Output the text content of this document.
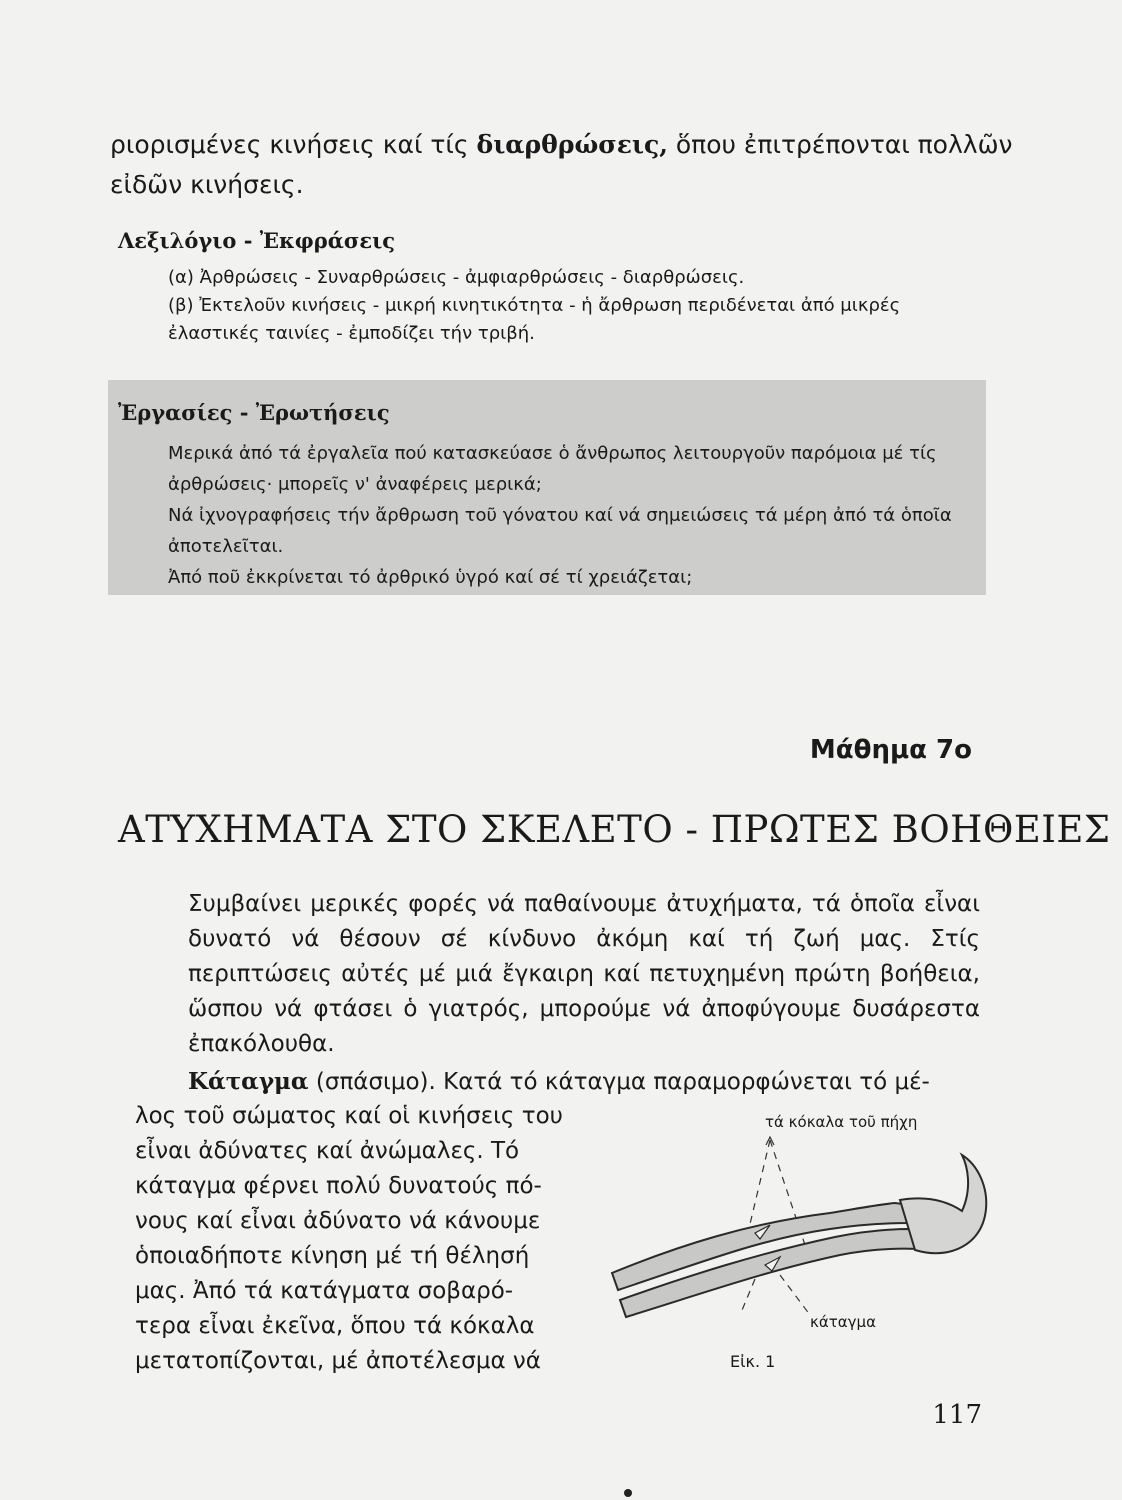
ριορισμένες κινήσεις καί τίς διαρθρώσεις, ὅπου ἐπιτρέπονται πολλῶν
εἰδῶν κινήσεις.

Λεξιλόγιο - Ἐκφράσεις
(α) Ἀρθρώσεις - Συναρθρώσεις - ἀμφιαρθρώσεις - διαρθρώσεις.
(β) Ἐκτελοῦν κινήσεις - μικρή κινητικότητα - ἡ ἄρθρωση περιδένεται ἀπό μικρές ἐλαστικές ταινίες - ἐμποδίζει τήν τριβή.
Ἐργασίες - Ἐρωτήσεις
Μερικά ἀπό τά ἐργαλεῖα πού κατασκεύασε ὁ ἄνθρωπος λειτουργοῦν παρόμοια μέ τίς ἀρθρώσεις· μπορεῖς ν' ἀναφέρεις μερικά;
Νά ἰχνογραφήσεις τήν ἄρθρωση τοῦ γόνατου καί νά σημειώσεις τά μέρη ἀπό τά ὁποῖα ἀποτελεῖται.
Ἀπό ποῦ ἐκκρίνεται τό ἀρθρικό ὑγρό καί σέ τί χρειάζεται;
Μάθημα 7ο
ΑΤΥΧΗΜΑΤΑ ΣΤΟ ΣΚΕΛΕΤΟ - ΠΡΩΤΕΣ ΒΟΗΘΕΙΕΣ
Συμβαίνει μερικές φορές νά παθαίνουμε ἀτυχήματα, τά ὁποῖα εἶναι δυνατό νά θέσουν σέ κίνδυνο ἀκόμη καί τή ζωή μας. Στίς περιπτώσεις αὐτές μέ μιά ἔγκαιρη καί πετυχημένη πρώτη βοήθεια, ὥσπου νά φτάσει ὁ γιατρός, μπορούμε νά ἀποφύγουμε δυσάρεστα ἐπακόλουθα.
Κάταγμα (σπάσιμο). Κατά τό κάταγμα παραμορφώνεται τό μέ-
λος τοῦ σώματος καί οἱ κινήσεις του
εἶναι ἀδύνατες καί ἀνώμαλες. Τό
κάταγμα φέρνει πολύ δυνατούς πό-
νους καί εἶναι ἀδύνατο νά κάνουμε
ὁποιαδήποτε κίνηση μέ τή θέλησή
μας. Ἀπό τά κατάγματα σοβαρό-
τερα εἶναι ἐκεῖνα, ὅπου τά κόκαλα
μετατοπίζονται, μέ ἀποτέλεσμα νά
τά κόκαλα τοῦ πήχη
κάταγμα
Εἰκ. 1
117
